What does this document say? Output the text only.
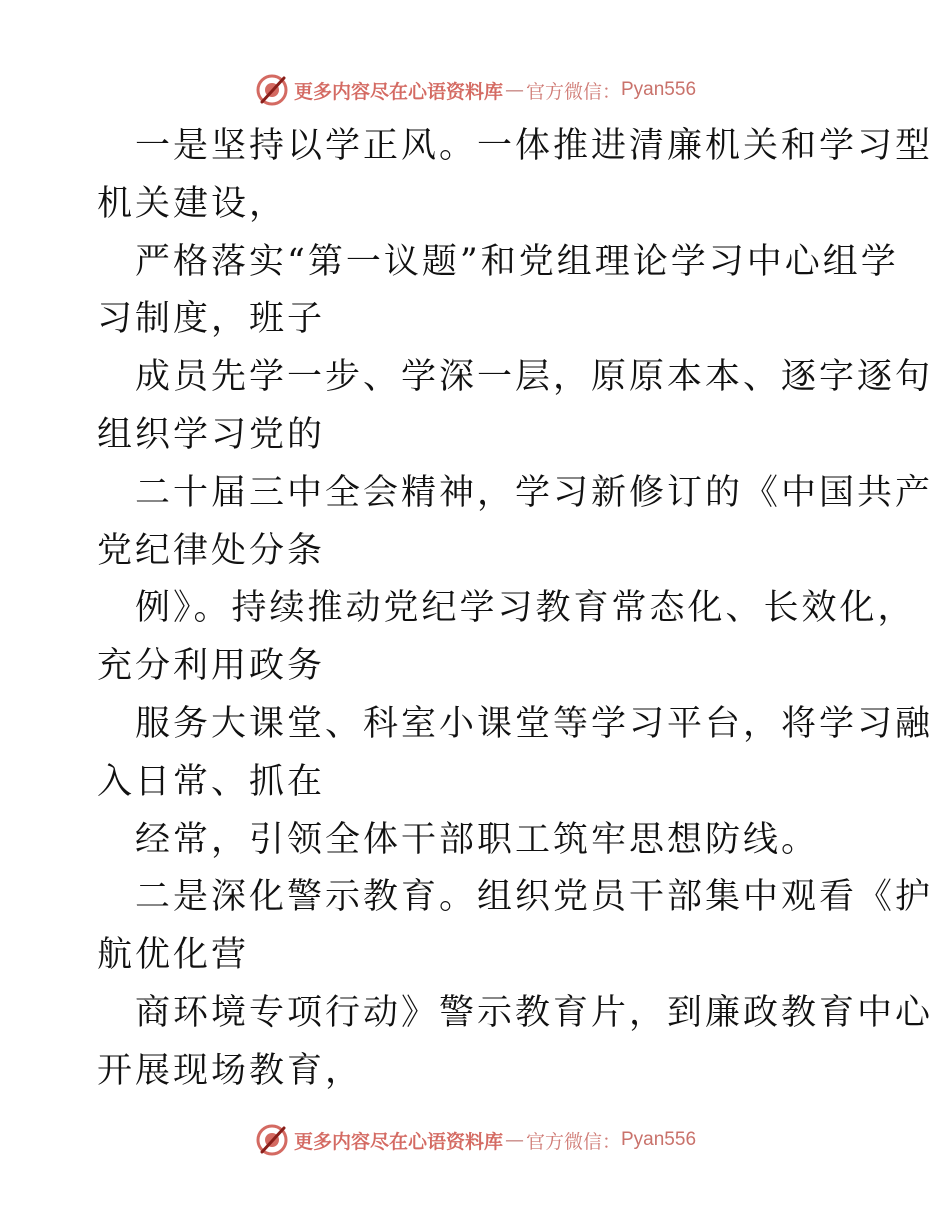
更多内容尽在心语资料库 — 官方微信： Pyan556
一是坚持以学正风。一体推进清廉机关和学习型
机关建设，
严格落实“第一议题”和党组理论学习中心组学
习制度，班子
成员先学一步、学深一层，原原本本、逐字逐句
组织学习党的
二十届三中全会精神，学习新修订的《中国共产
党纪律处分条
例》。持续推动党纪学习教育常态化、长效化，
充分利用政务
服务大课堂、科室小课堂等学习平台，将学习融
入日常、抓在
经常，引领全体干部职工筑牢思想防线。
二是深化警示教育。组织党员干部集中观看《护
航优化营
商环境专项行动》警示教育片，到廉政教育中心
开展现场教育，
更多内容尽在心语资料库 — 官方微信： Pyan556
